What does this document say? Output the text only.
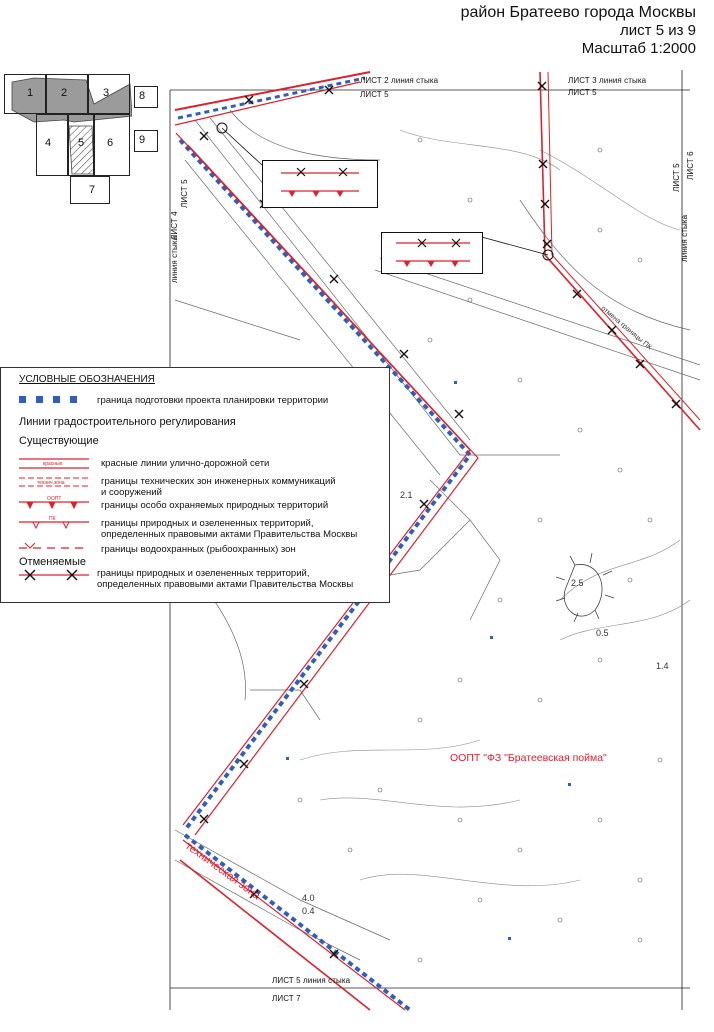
район Братеево города Москвы
лист 5 из 9
Масштаб 1:2000
2.5
0.5
1.4
2.1
4.0
0.4
1	2	3
4 5 6
7
8
9
ЛИСТ 2 линия стыка
ЛИСТ 5
ЛИСТ 3 линия стыка
ЛИСТ 5
ЛИСТ 5 линия стыка
ЛИСТ 7
ЛИСТ 4
ЛИСТ 5
линия стыка
ЛИСТ 5 ЛИСТ 6
линия стыка
ООПТ "ФЗ "Братеевская пойма"
техническая зона
отмена границы ПК
УСЛОВНЫЕ ОБОЗНАЧЕНИЯ
граница подготовки проекта планировки территории
Линии градостроительного регулирования
Существующие
красные	красные линии улично-дорожной сети
технич.зона	границы технических зон инженерных коммуникаций
и сооружений
ООПТ
границы особо охраняемых природных территорий
ПК	границы природных и озелененных территорий,
определенных правовыми актами Правительства Москвы
границы водоохранных (рыбоохранных) зон
Отменяемые
границы природных и озелененных территорий,
определенных правовыми актами Правительства Москвы
